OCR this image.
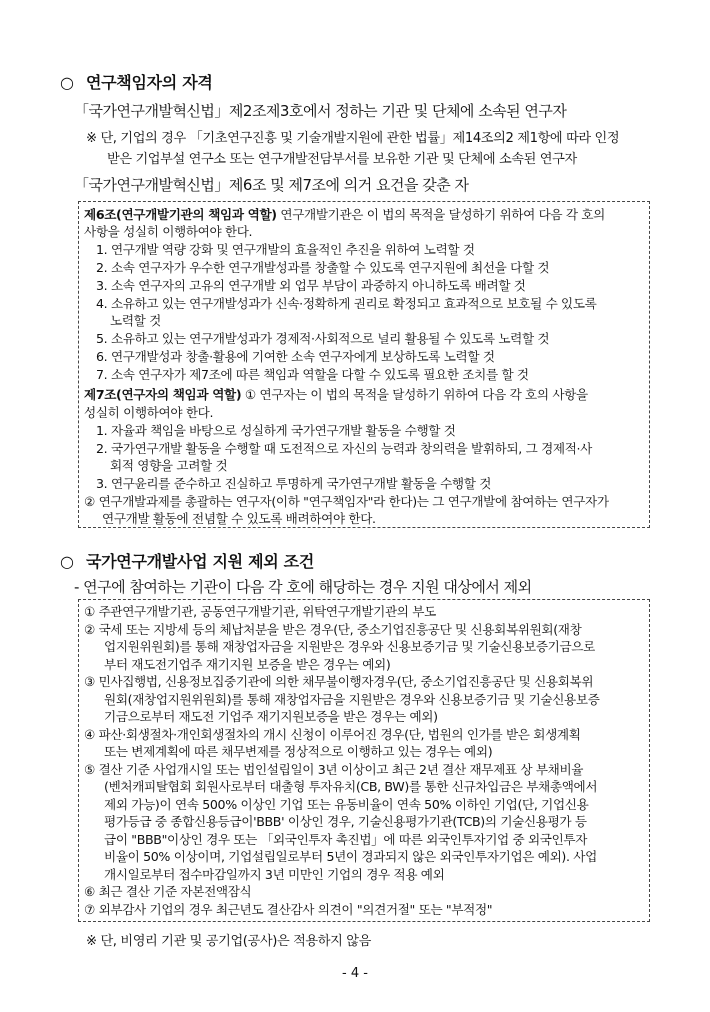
○ 연구책임자의 자격
「국가연구개발혁신법」제2조제3호에서 정하는 기관 및 단체에 소속된 연구자
※ 단, 기업의 경우 「기초연구진흥 및 기술개발지원에 관한 법률」제14조의2 제1항에 따라 인정
받은 기업부설 연구소 또는 연구개발전담부서를 보유한 기관 및 단체에 소속된 연구자
「국가연구개발혁신법」제6조 및 제7조에 의거 요건을 갖춘 자
제6조(연구개발기관의 책임과 역할) 연구개발기관은 이 법의 목적을 달성하기 위하여 다음 각 호의
사항을 성실히 이행하여야 한다.
1. 연구개발 역량 강화 및 연구개발의 효율적인 추진을 위하여 노력할 것
2. 소속 연구자가 우수한 연구개발성과를 창출할 수 있도록 연구지원에 최선을 다할 것
3. 소속 연구자의 고유의 연구개발 외 업무 부담이 과중하지 아니하도록 배려할 것
4. 소유하고 있는 연구개발성과가 신속·정확하게 권리로 확정되고 효과적으로 보호될 수 있도록
노력할 것
5. 소유하고 있는 연구개발성과가 경제적·사회적으로 널리 활용될 수 있도록 노력할 것
6. 연구개발성과 창출·활용에 기여한 소속 연구자에게 보상하도록 노력할 것
7. 소속 연구자가 제7조에 따른 책임과 역할을 다할 수 있도록 필요한 조치를 할 것
제7조(연구자의 책임과 역할) ① 연구자는 이 법의 목적을 달성하기 위하여 다음 각 호의 사항을
성실히 이행하여야 한다.
1. 자율과 책임을 바탕으로 성실하게 국가연구개발 활동을 수행할 것
2. 국가연구개발 활동을 수행할 때 도전적으로 자신의 능력과 창의력을 발휘하되, 그 경제적·사
회적 영향을 고려할 것
3. 연구윤리를 준수하고 진실하고 투명하게 국가연구개발 활동을 수행할 것
② 연구개발과제를 총괄하는 연구자(이하 "연구책임자"라 한다)는 그 연구개발에 참여하는 연구자가
연구개발 활동에 전념할 수 있도록 배려하여야 한다.
○ 국가연구개발사업 지원 제외 조건
- 연구에 참여하는 기관이 다음 각 호에 해당하는 경우 지원 대상에서 제외
① 주관연구개발기관, 공동연구개발기관, 위탁연구개발기관의 부도
② 국세 또는 지방세 등의 체납처분을 받은 경우(단, 중소기업진흥공단 및 신용회복위원회(재창
업지원위원회)를 통해 재창업자금을 지원받은 경우와 신용보증기금 및 기술신용보증기금으로
부터 재도전기업주 재기지원 보증을 받은 경우는 예외)
③ 민사집행법, 신용정보집중기관에 의한 채무불이행자경우(단, 중소기업진흥공단 및 신용회복위
원회(재창업지원위원회)를 통해 재창업자금을 지원받은 경우와 신용보증기금 및 기술신용보증
기금으로부터 재도전 기업주 재기지원보증을 받은 경우는 예외)
④ 파산·회생절차·개인회생절차의 개시 신청이 이루어진 경우(단, 법원의 인가를 받은 회생계획
또는 변제계획에 따른 채무변제를 정상적으로 이행하고 있는 경우는 예외)
⑤ 결산 기준 사업개시일 또는 법인설립일이 3년 이상이고 최근 2년 결산 재무제표 상 부채비율
(벤처캐피탈협회 회원사로부터 대출형 투자유치(CB, BW)를 통한 신규차입금은 부채총액에서
제외 가능)이 연속 500% 이상인 기업 또는 유동비율이 연속 50% 이하인 기업(단, 기업신용
평가등급 중 종합신용등급이'BBB' 이상인 경우, 기술신용평가기관(TCB)의 기술신용평가 등
급이 "BBB"이상인 경우 또는 「외국인투자 촉진법」에 따른 외국인투자기업 중 외국인투자
비율이 50% 이상이며, 기업설립일로부터 5년이 경과되지 않은 외국인투자기업은 예외). 사업
개시일로부터 접수마감일까지 3년 미만인 기업의 경우 적용 예외
⑥ 최근 결산 기준 자본전액잠식
⑦ 외부감사 기업의 경우 최근년도 결산감사 의견이 "의견거절" 또는 "부적정"
※ 단, 비영리 기관 및 공기업(공사)은 적용하지 않음
- 4 -
